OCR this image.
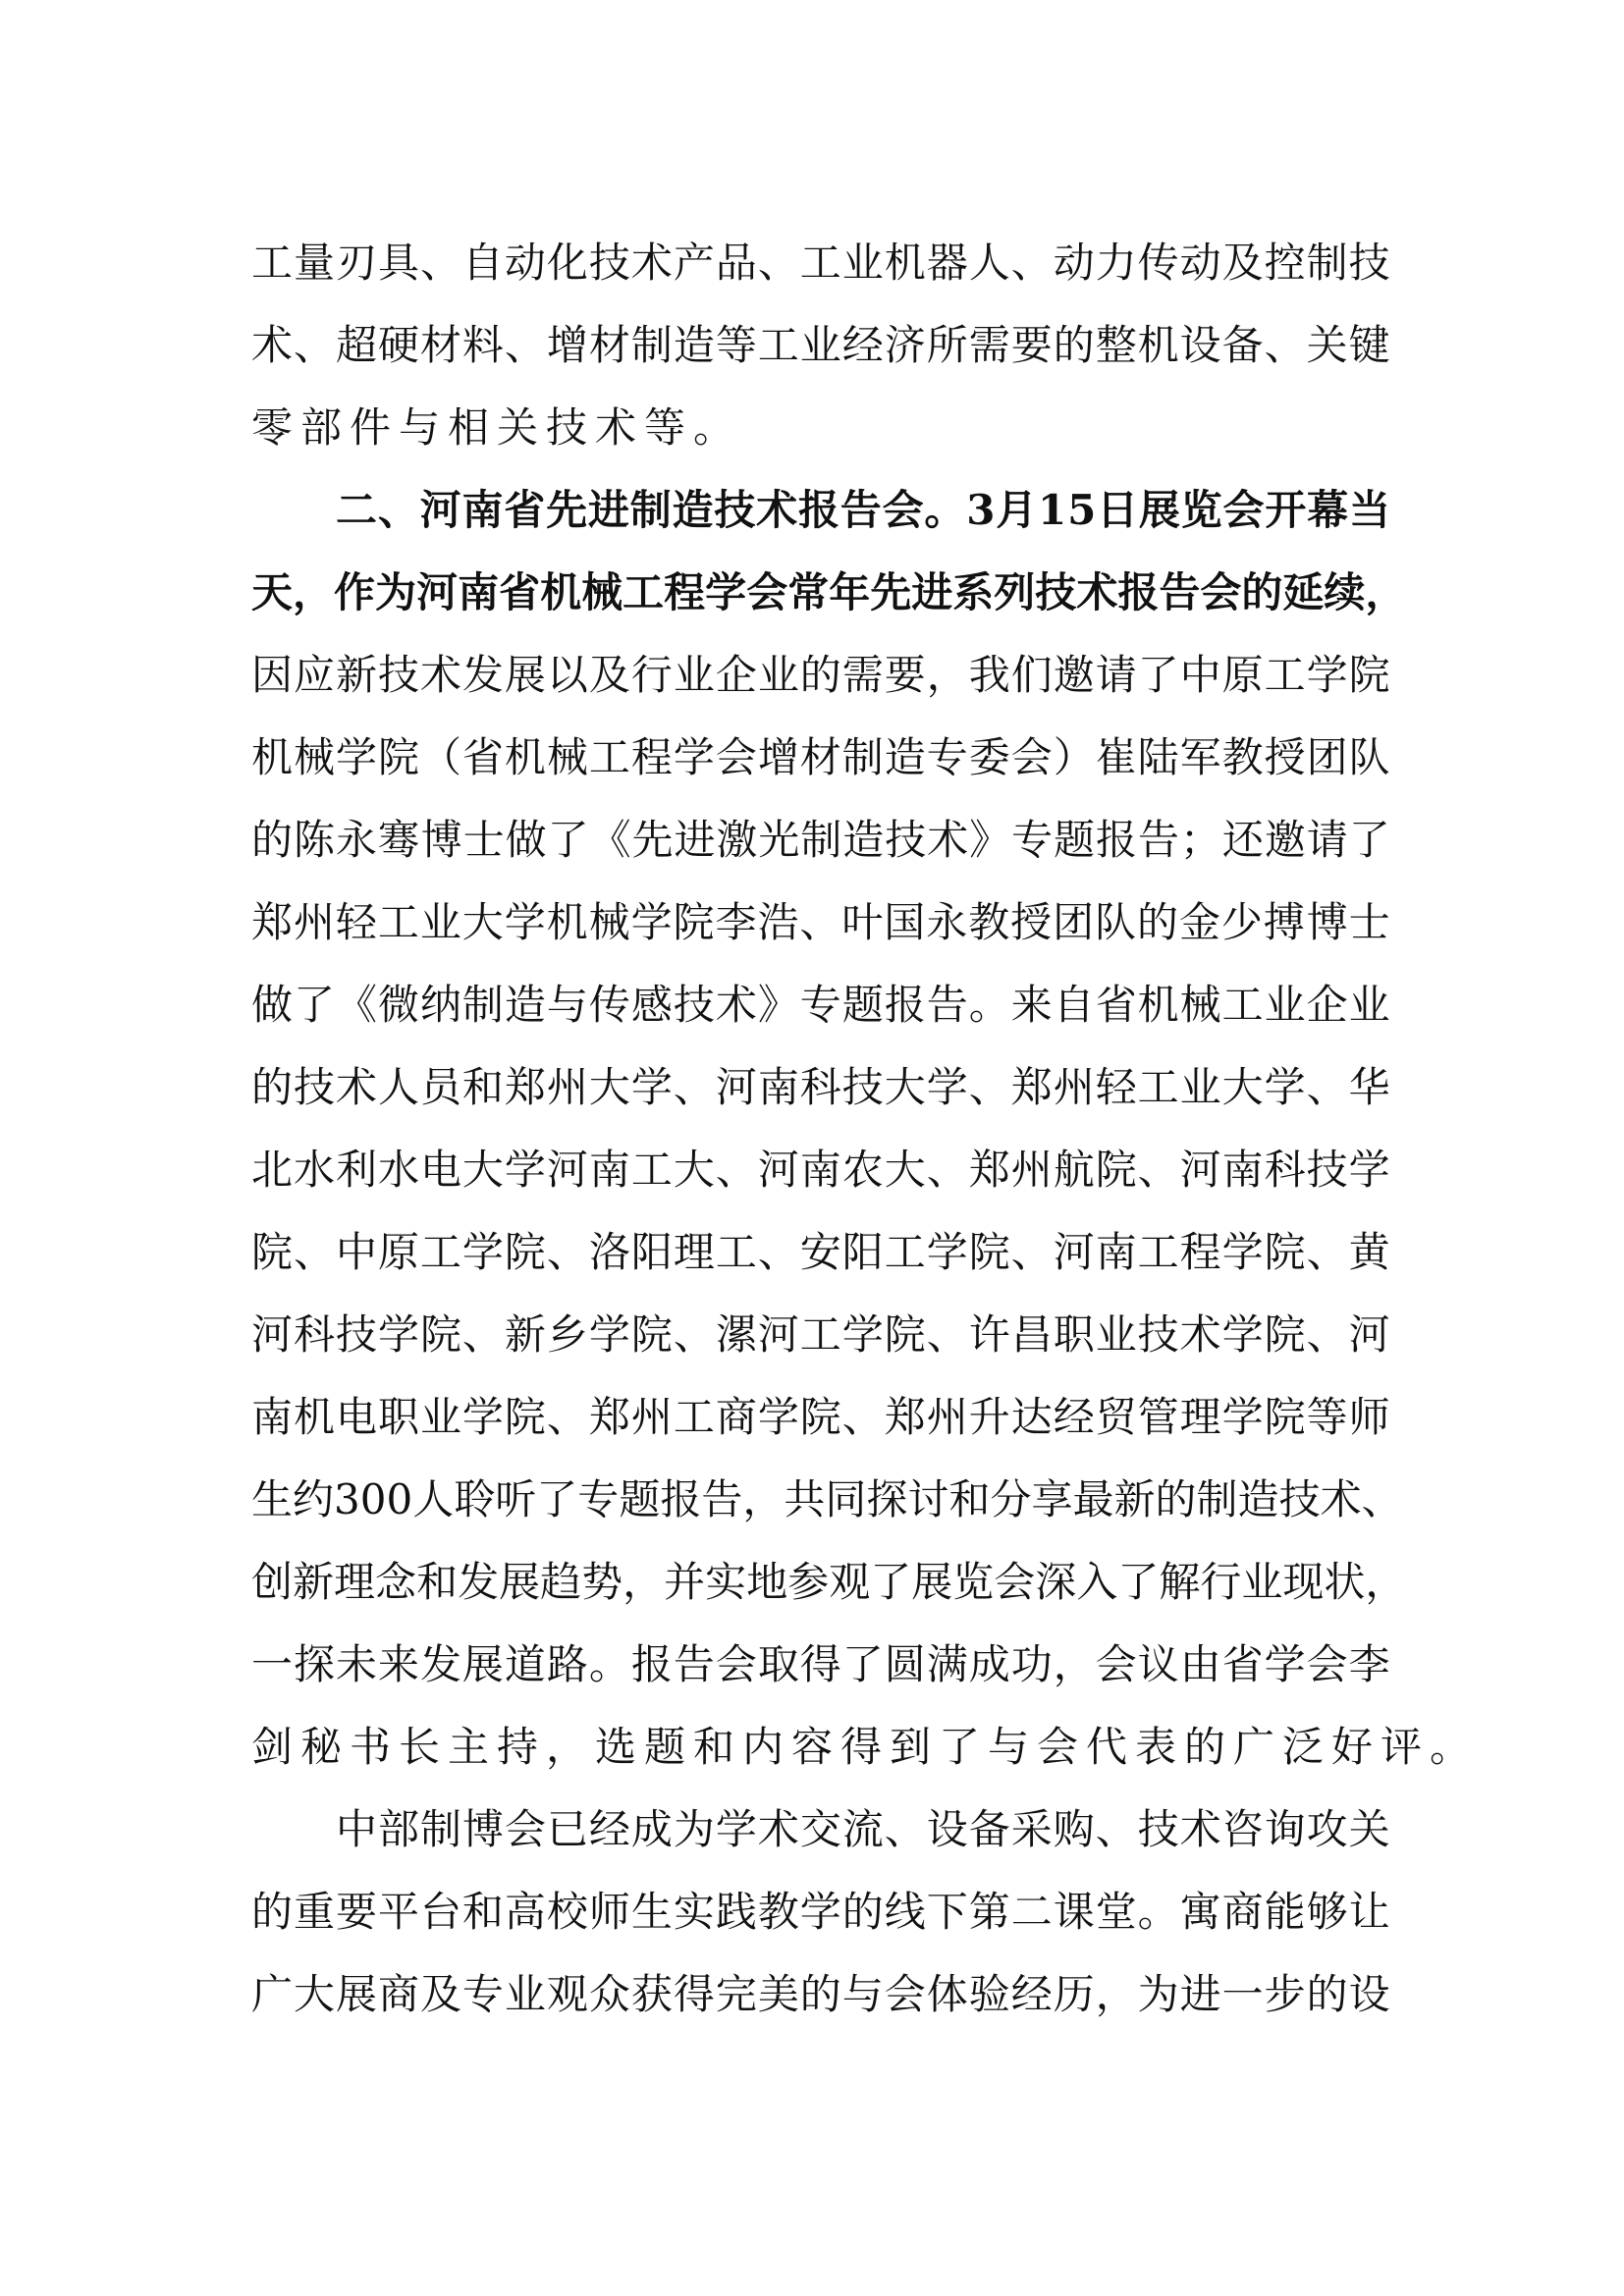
工 量 刃 具 、 自 动 化 技 术 产 品 、 工 业 机 器 人 、 动 力 传 动 及 控 制 技
术 、 超 硬 材 料 、 增 材 制 造 等 工 业 经 济 所 需 要 的 整 机 设 备 、 关 键
零部件与相关技术等。
二 、 河 南 省 先 进 制 造 技 术 报 告 会 。 3 月 1 5 日 展 览 会 开 幕 当
天 ， 作 为 河 南 省 机 械 工 程 学 会 常 年 先 进 系 列 技 术 报 告 会 的 延 续 ，
因 应 新 技 术 发 展 以 及 行 业 企 业 的 需 要 ， 我 们 邀 请 了 中 原 工 学 院
机 械 学 院 （ 省 机 械 工 程 学 会 增 材 制 造 专 委 会 ） 崔 陆 军 教 授 团 队
的 陈 永 骞 博 士 做 了 《 先 进 激 光 制 造 技 术 》 专 题 报 告 ； 还 邀 请 了
郑 州 轻 工 业 大 学 机 械 学 院 李 浩 、 叶 国 永 教 授 团 队 的 金 少 搏 博 士
做 了 《 微 纳 制 造 与 传 感 技 术 》 专 题 报 告 。 来 自 省 机 械 工 业 企 业
的 技 术 人 员 和 郑 州 大 学 、 河 南 科 技 大 学 、 郑 州 轻 工 业 大 学 、 华
北 水 利 水 电 大 学 河 南 工 大 、 河 南 农 大 、 郑 州 航 院 、 河 南 科 技 学
院 、 中 原 工 学 院 、 洛 阳 理 工 、 安 阳 工 学 院 、 河 南 工 程 学 院 、 黄
河 科 技 学 院 、 新 乡 学 院 、 漯 河 工 学 院 、 许 昌 职 业 技 术 学 院 、 河
南 机 电 职 业 学 院 、 郑 州 工 商 学 院 、 郑 州 升 达 经 贸 管 理 学 院 等 师
生 约 3 0 0 人 聆 听 了 专 题 报 告 ， 共 同 探 讨 和 分 享 最 新 的 制 造 技 术 、
创 新 理 念 和 发 展 趋 势 ， 并 实 地 参 观 了 展 览 会 深 入 了 解 行 业 现 状 ，
一 探 未 来 发 展 道 路 。 报 告 会 取 得 了 圆 满 成 功 ， 会 议 由 省 学 会 李
剑秘书长主持，选题和内容得到了与会代表的广泛好评。
中 部 制 博 会 已 经 成 为 学 术 交 流 、 设 备 采 购 、 技 术 咨 询 攻 关
的 重 要 平 台 和 高 校 师 生 实 践 教 学 的 线 下 第 二 课 堂 。 寓 商 能 够 让
广 大 展 商 及 专 业 观 众 获 得 完 美 的 与 会 体 验 经 历 ， 为 进 一 步 的 设
